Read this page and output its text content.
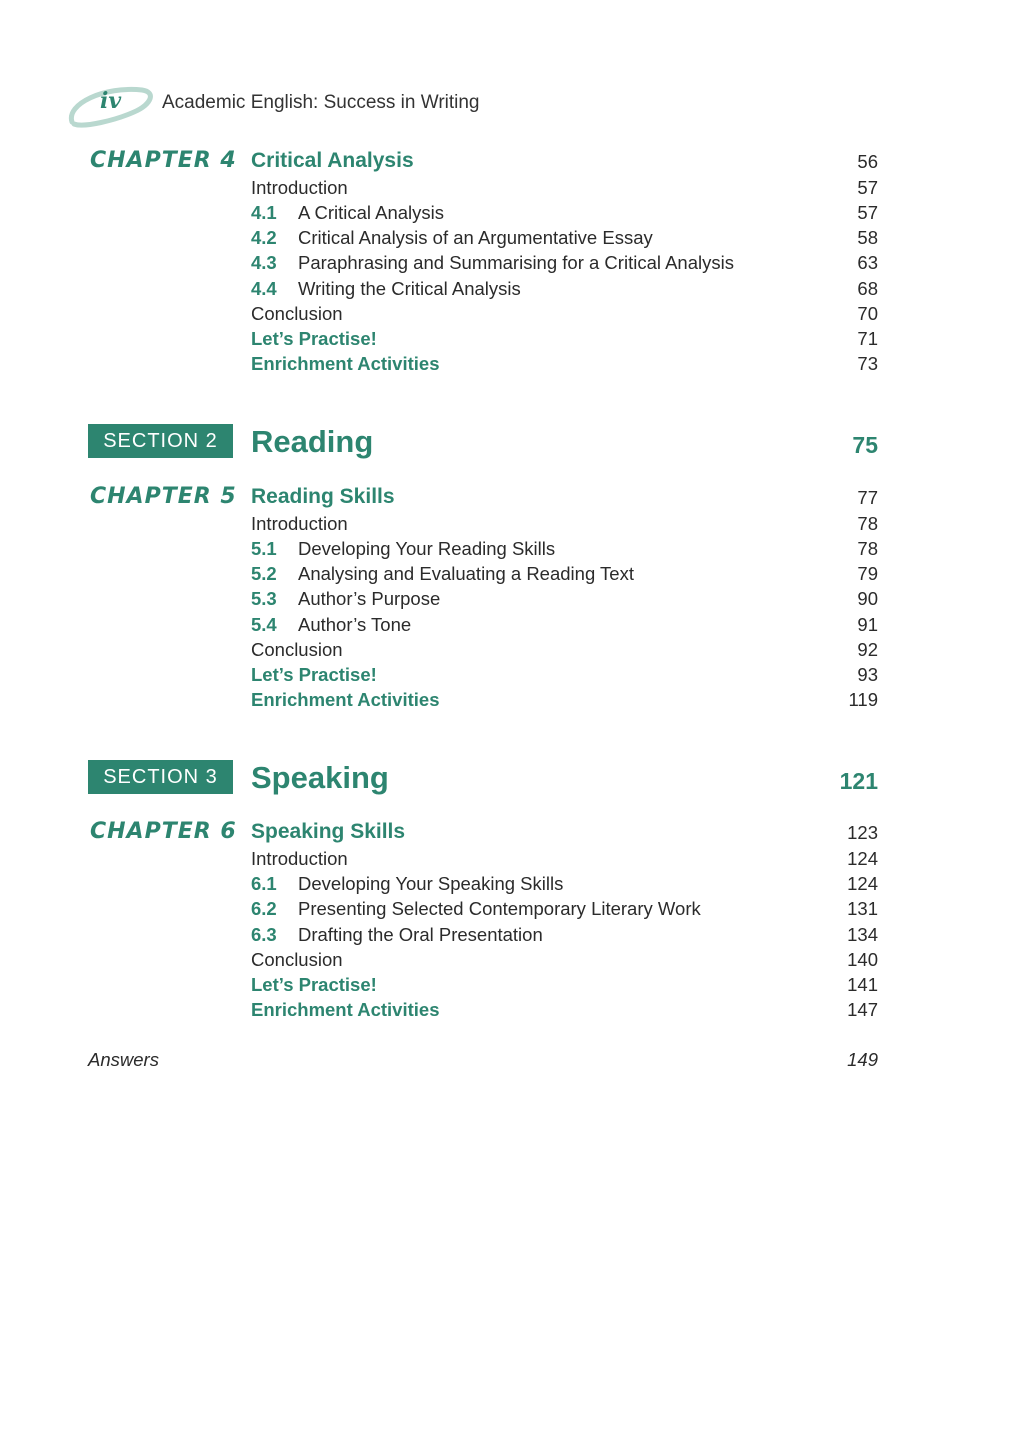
iv Academic English: Success in Writing
CHAPTER 4 Critical Analysis	56
Introduction	57
4.1 A Critical Analysis	57
4.2 Critical Analysis of an Argumentative Essay	58
4.3 Paraphrasing and Summarising for a Critical Analysis	63
4.4 Writing the Critical Analysis	68
Conclusion	70
Let’s Practise!	71
Enrichment Activities	73
SECTION 2	Reading	75
CHAPTER 5 Reading Skills	77
Introduction	78
5.1 Developing Your Reading Skills	78
5.2 Analysing and Evaluating a Reading Text	79
5.3 Author’s Purpose	90
5.4 Author’s Tone	91
Conclusion	92
Let’s Practise!	93
Enrichment Activities	119
SECTION 3	Speaking	121
CHAPTER 6 Speaking Skills	123
Introduction	124
6.1 Developing Your Speaking Skills	124
6.2 Presenting Selected Contemporary Literary Work	131
6.3 Drafting the Oral Presentation	134
Conclusion	140
Let’s Practise!	141
Enrichment Activities	147
Answers	149
